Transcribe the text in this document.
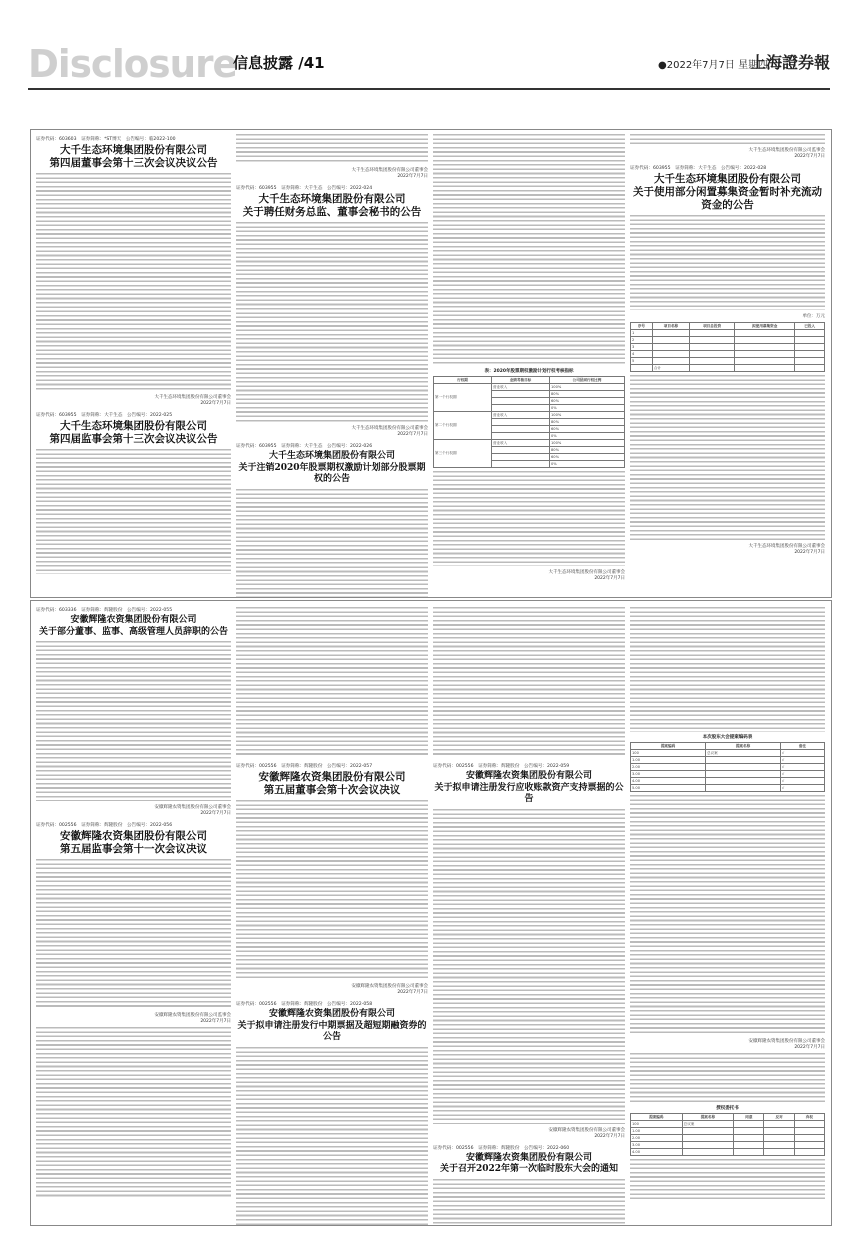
Disclosure
信息披露 /41	●2022年7月7日 星期四
上海證券報
证券代码：603603　证券简称：*ST博天　公告编号：临2022-100
大千生态环境集团股份有限公司
第四届董事会第十三次会议决议公告
大千生态环境集团股份有限公司董事会
2022年7月7日
证券代码：603955　证券简称：大千生态　公告编号：2022-025
大千生态环境集团股份有限公司
第四届监事会第十三次会议决议公告
大千生态环境集团股份有限公司董事会
2022年7月7日
证券代码：603955　证券简称：大千生态　公告编号：2022-024
大千生态环境集团股份有限公司
关于聘任财务总监、董事会秘书的公告
大千生态环境集团股份有限公司董事会
2022年7月7日
证券代码：603955　证券简称：大千生态　公告编号：2022-026
大千生态环境集团股份有限公司
关于注销2020年股票期权激励计划部分股票期权的公告
表：2020年股票期权激励计划行权考核指标
行权期	业绩考核目标	公司层面行权比例
第一个行权期	营业收入	100%
		80%
		60%
		0%
第二个行权期	营业收入	100%
		80%
		60%
		0%
第三个行权期	营业收入	100%
		80%
		60%
		0%
大千生态环境集团股份有限公司董事会
2022年7月7日
大千生态环境集团股份有限公司监事会
2022年7月7日
证券代码：603955　证券简称：大千生态　公告编号：2022-028
大千生态环境集团股份有限公司
关于使用部分闲置募集资金暂时补充流动资金的公告
单位：万元
序号	项目名称	项目总投资	拟使用募集资金	已投入
1				
2				
3				
4				
5				
	合计			
大千生态环境集团股份有限公司董事会
2022年7月7日
证券代码：603336　证券简称：辉隆股份　公告编号：2022-055
安徽辉隆农资集团股份有限公司
关于部分董事、监事、高级管理人员辞职的公告
安徽辉隆农资集团股份有限公司董事会
2022年7月7日
证券代码：002556　证券简称：辉隆股份　公告编号：2022-056
安徽辉隆农资集团股份有限公司
第五届监事会第十一次会议决议
安徽辉隆农资集团股份有限公司监事会
2022年7月7日
证券代码：002556　证券简称：辉隆股份　公告编号：2022-057
安徽辉隆农资集团股份有限公司
第五届董事会第十次会议决议
安徽辉隆农资集团股份有限公司董事会
2022年7月7日
证券代码：002556　证券简称：辉隆股份　公告编号：2022-058
安徽辉隆农资集团股份有限公司
关于拟申请注册发行中期票据及超短期融资券的公告
证券代码：002556　证券简称：辉隆股份　公告编号：2022-059
安徽辉隆农资集团股份有限公司
关于拟申请注册发行应收账款资产支持票据的公告
安徽辉隆农资集团股份有限公司董事会
2022年7月7日
证券代码：002556　证券简称：辉隆股份　公告编号：2022-060
安徽辉隆农资集团股份有限公司
关于召开2022年第一次临时股东大会的通知
本次股东大会提案编码表
提案编码	提案名称	备注
100	总议案	√
1.00		√
2.00		√
3.00		√
4.00		√
5.00		√
安徽辉隆农资集团股份有限公司董事会
2022年7月7日
授权委托书
提案编码	提案名称	同意	反对	弃权
100	总议案			
1.00				
2.00				
3.00				
4.00				
